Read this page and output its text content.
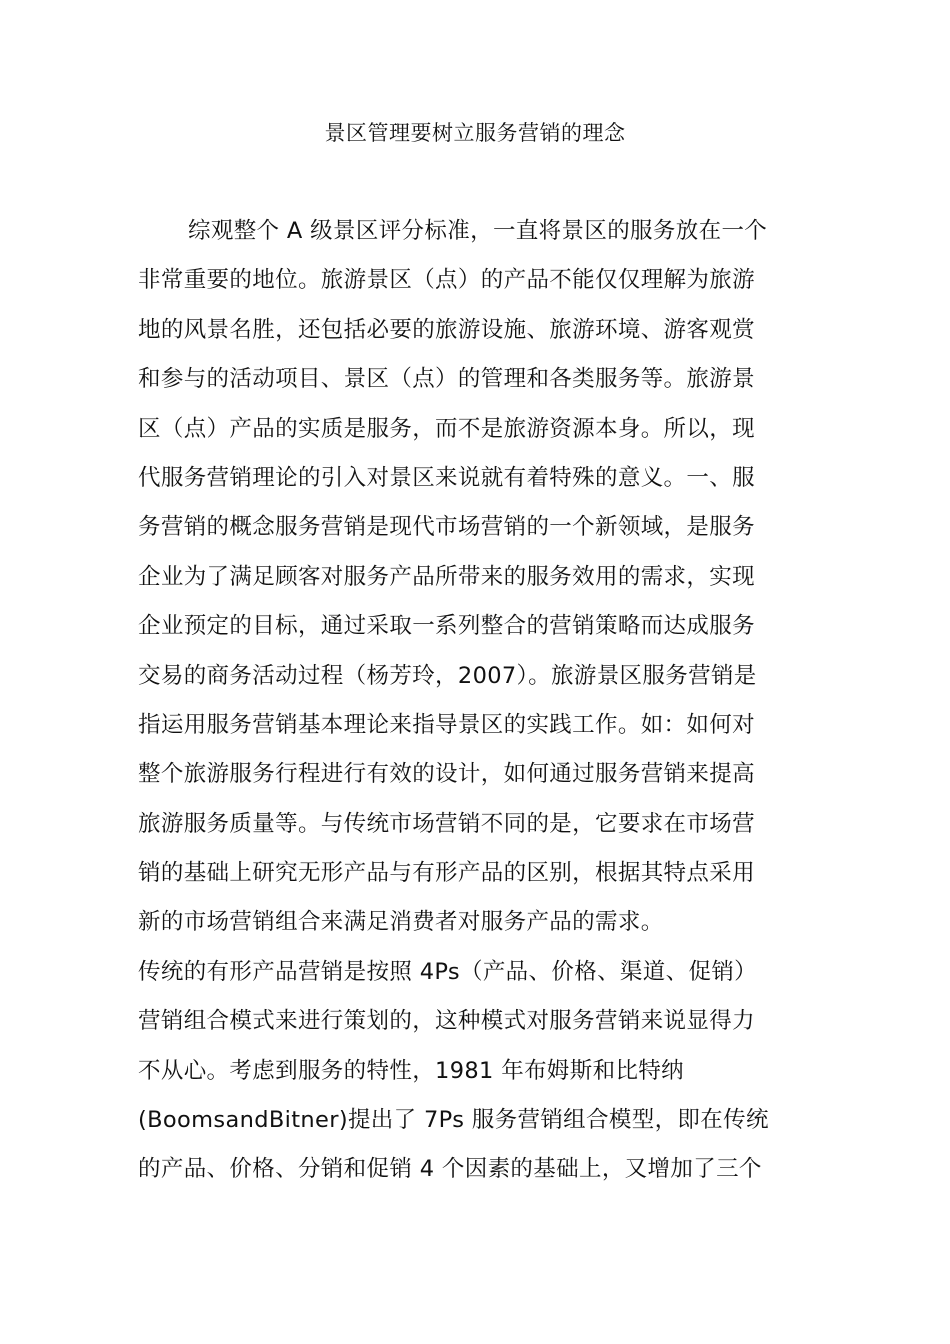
景区管理要树立服务营销的理念
综观整个 A 级景区评分标准，一直将景区的服务放在一个
非常重要的地位。旅游景区（点）的产品不能仅仅理解为旅游
地的风景名胜，还包括必要的旅游设施、旅游环境、游客观赏
和参与的活动项目、景区（点）的管理和各类服务等。旅游景
区（点）产品的实质是服务，而不是旅游资源本身。所以，现
代服务营销理论的引入对景区来说就有着特殊的意义。一、服
务营销的概念服务营销是现代市场营销的一个新领域，是服务
企业为了满足顾客对服务产品所带来的服务效用的需求，实现
企业预定的目标，通过采取一系列整合的营销策略而达成服务
交易的商务活动过程（杨芳玲，2007）。旅游景区服务营销是
指运用服务营销基本理论来指导景区的实践工作。如：如何对
整个旅游服务行程进行有效的设计，如何通过服务营销来提高
旅游服务质量等。与传统市场营销不同的是，它要求在市场营
销的基础上研究无形产品与有形产品的区别，根据其特点采用
新的市场营销组合来满足消费者对服务产品的需求。
传统的有形产品营销是按照 4Ps（产品、价格、渠道、促销）
营销组合模式来进行策划的，这种模式对服务营销来说显得力
不从心。考虑到服务的特性，1981 年布姆斯和比特纳
(BoomsandBitner)提出了 7Ps 服务营销组合模型，即在传统
的产品、价格、分销和促销 4 个因素的基础上，又增加了三个
